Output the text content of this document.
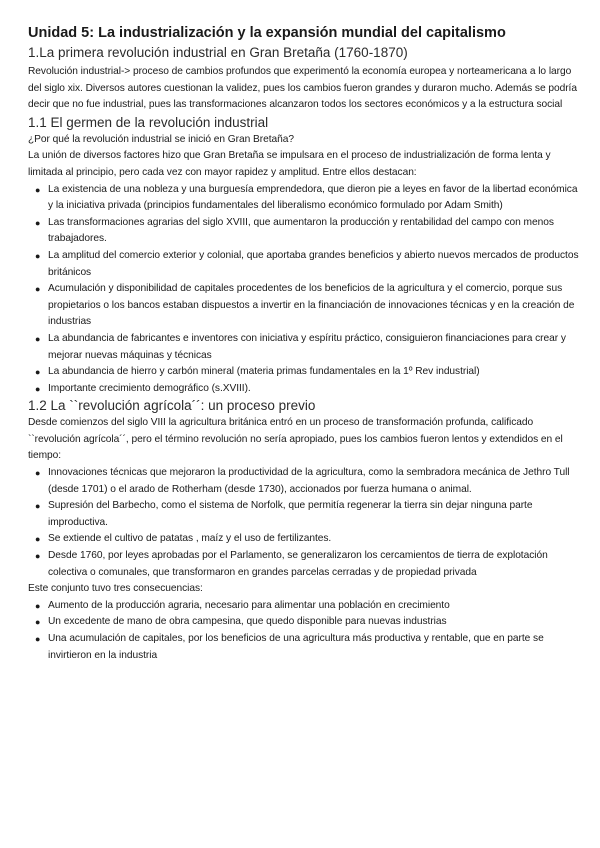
Unidad 5: La industrialización y la expansión mundial del capitalismo
1.La primera revolución industrial en Gran Bretaña (1760-1870)

Revolución industrial-> proceso de cambios profundos que experimentó la economía europea y norteamericana a lo largo del siglo xix. Diversos autores cuestionan la validez, pues los cambios fueron grandes y duraron mucho. Además se podría decir que no fue industrial, pues las transformaciones alcanzaron todos los sectores económicos y a la estructura social

1.1 El germen de la revolución industrial

¿Por qué la revolución industrial se inició en Gran Bretaña?

La unión de diversos factores hizo que Gran Bretaña se impulsara en el proceso de industrialización de forma lenta y limitada al principio, pero cada vez con mayor rapidez y amplitud. Entre ellos destacan:

● La existencia de una nobleza y una burguesía emprendedora, que dieron pie a leyes en favor de la libertad económica y la iniciativa privada (principios fundamentales del liberalismo económico formulado por Adam Smith)
● Las transformaciones agrarias del siglo XVIII, que aumentaron la producción y rentabilidad del campo con menos trabajadores.
● La amplitud del comercio exterior y colonial, que aportaba grandes beneficios y abierto nuevos mercados de productos británicos
● Acumulación y disponibilidad de capitales procedentes de los beneficios de la agricultura y el comercio, porque sus propietarios o los bancos estaban dispuestos a invertir en la financiación de innovaciones técnicas y en la creación de industrias
● La abundancia de fabricantes e inventores con iniciativa y espíritu práctico, consiguieron financiaciones para crear y mejorar nuevas máquinas y técnicas
● La abundancia de hierro y carbón mineral (materia primas fundamentales en la 1º Rev industrial)
● Importante crecimiento demográfico (s.XVIII).
1.2 La ``revolución agrícola´´: un proceso previo

Desde comienzos del siglo VIII la agricultura británica entró en un proceso de transformación profunda, calificado ``revolución agrícola´´, pero el término revolución no sería apropiado, pues los cambios fueron lentos y extendidos en el tiempo:

● Innovaciones técnicas que mejoraron la productividad de la agricultura, como la sembradora mecánica de Jethro Tull (desde 1701) o el arado de Rotherham (desde 1730), accionados por fuerza humana o animal.
● Supresión del Barbecho, como el sistema de Norfolk, que permitía regenerar la tierra sin dejar ninguna parte improductiva.
● Se extiende el cultivo de patatas , maíz y el uso de fertilizantes.
● Desde 1760, por leyes aprobadas por el Parlamento, se generalizaron los cercamientos de tierra de explotación colectiva o comunales, que transformaron en grandes parcelas cerradas y de propiedad privada

Este conjunto tuvo tres consecuencias:

● Aumento de la producción agraria, necesario para alimentar una población en crecimiento
● Un excedente de mano de obra campesina, que quedo disponible para nuevas industrias
● Una acumulación de capitales, por los beneficios de una agricultura más productiva y rentable, que en parte se invirtieron en la industria
